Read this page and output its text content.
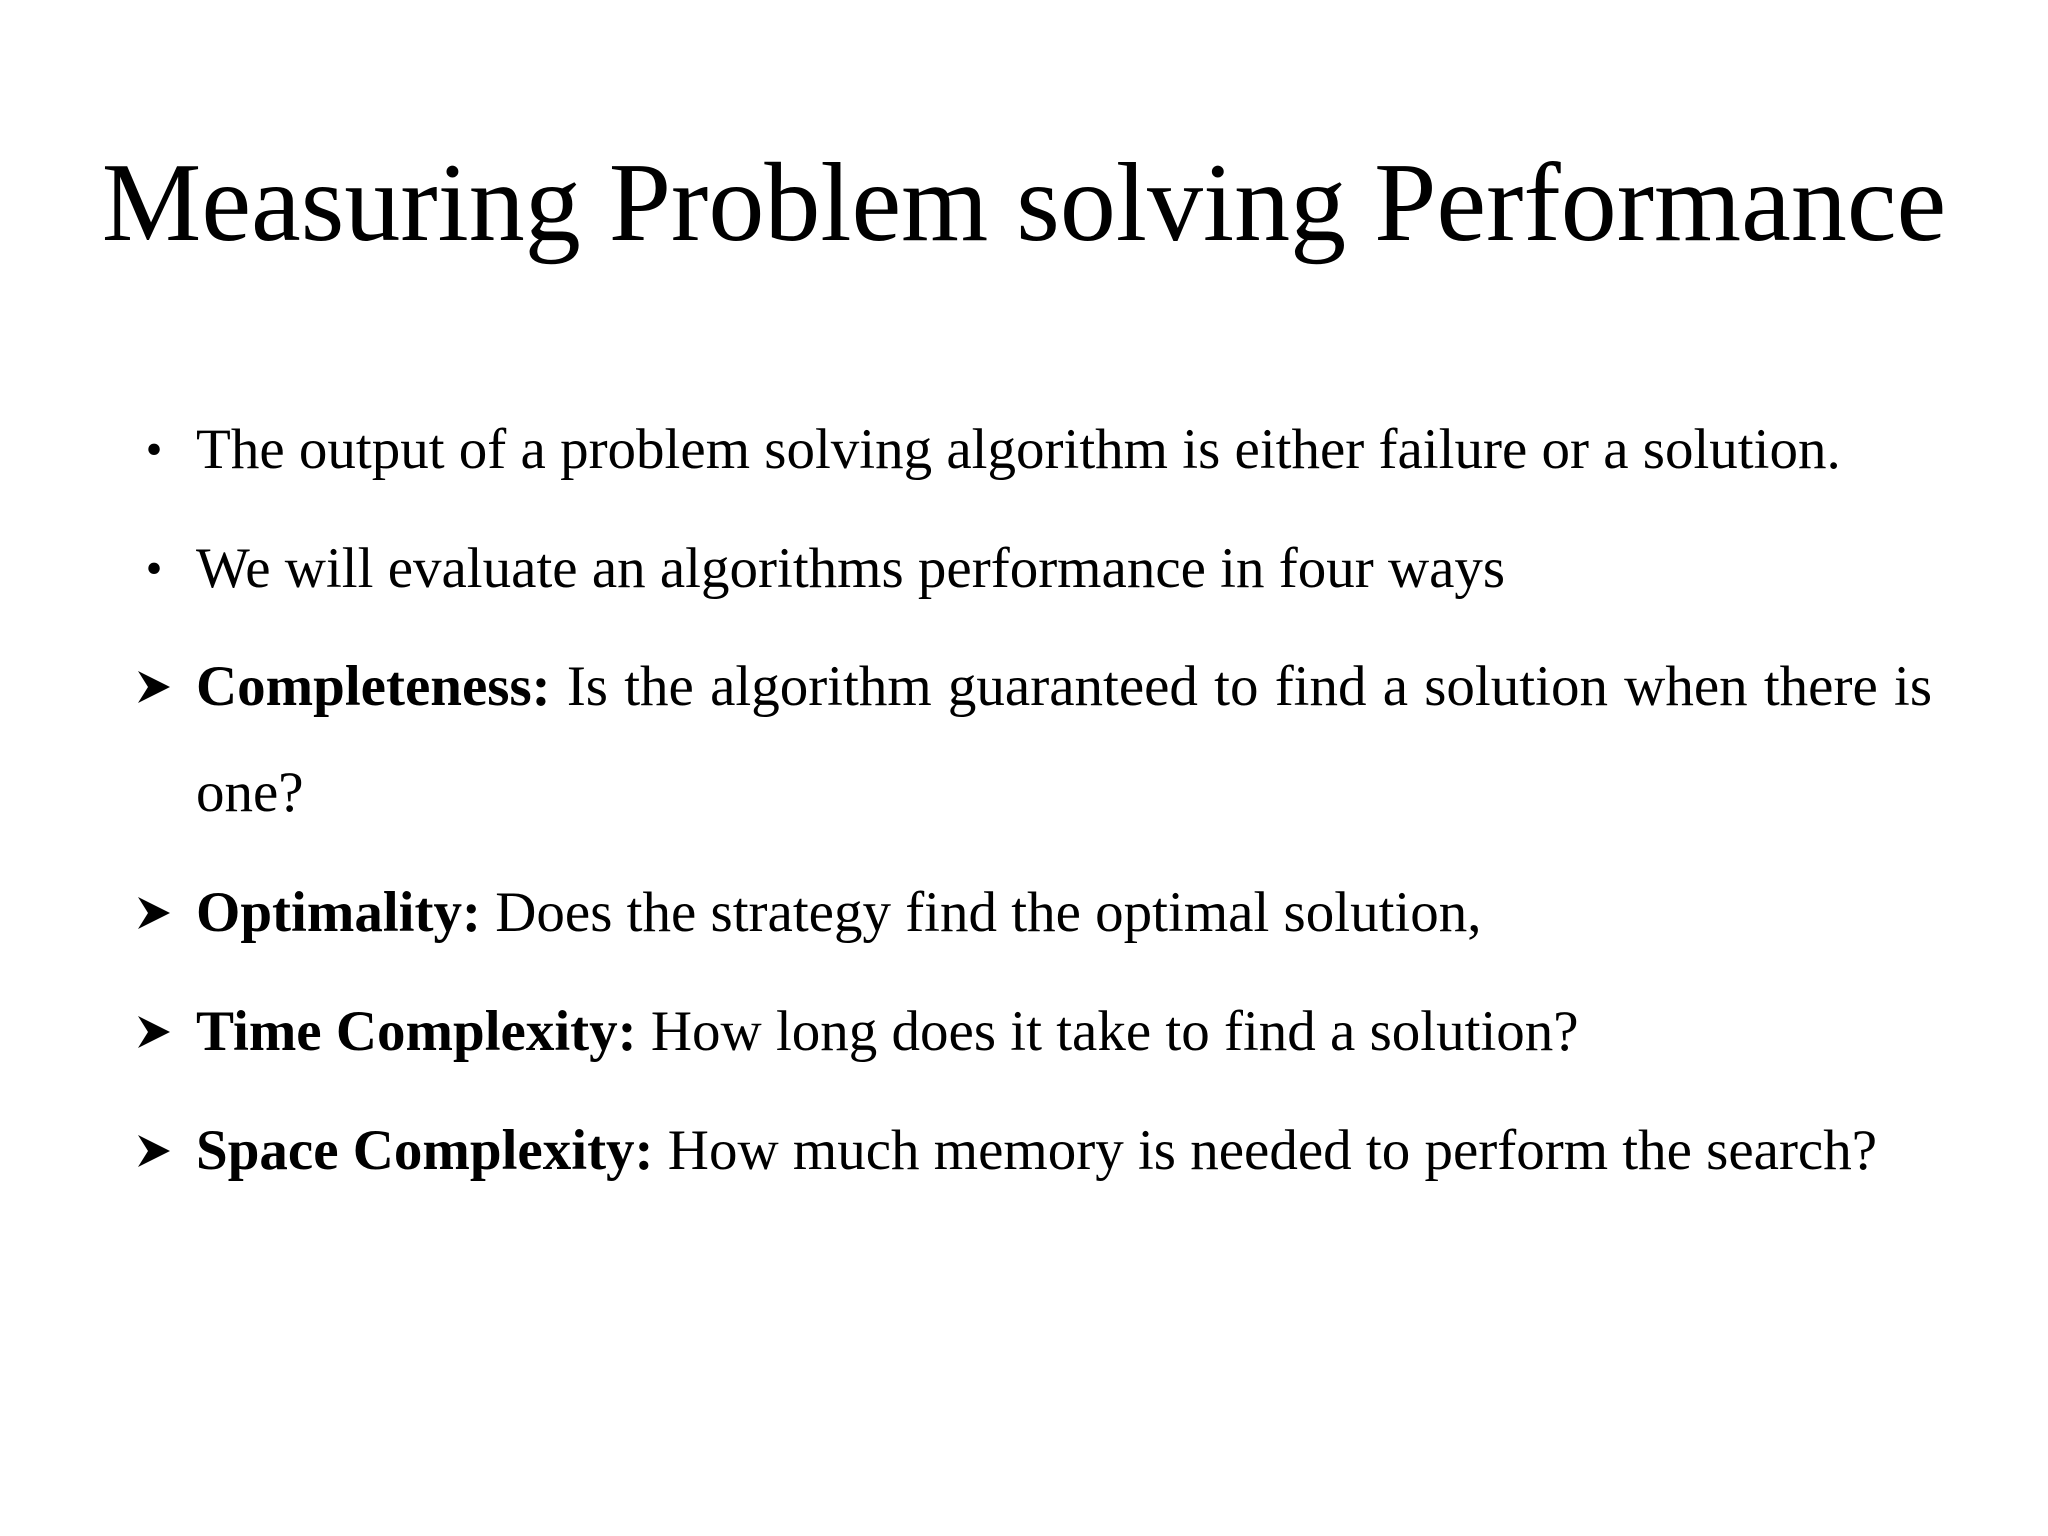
Measuring Problem solving Performance
• The output of a problem solving algorithm is either failure or a solution.
• We will evaluate an algorithms performance in four ways
Completeness: Is the algorithm guaranteed to find a solution when there is one?
Optimality: Does the strategy find the optimal solution,
Time Complexity: How long does it take to find a solution?
Space Complexity: How much memory is needed to perform the search?
